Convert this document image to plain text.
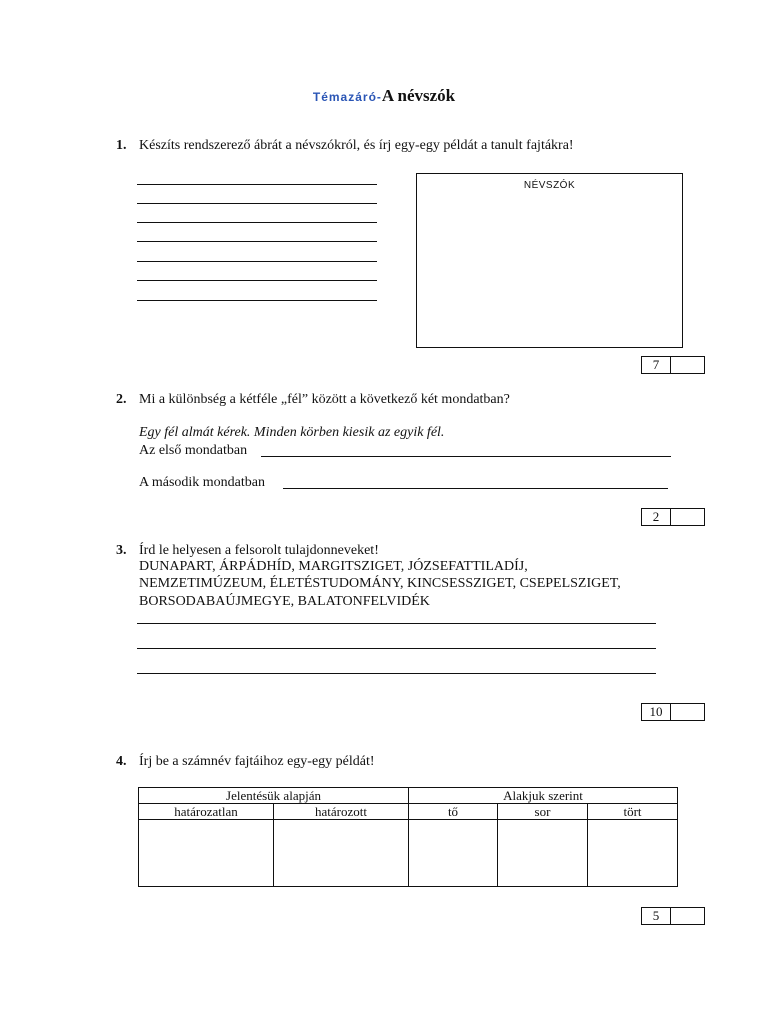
Témazáró-A névszók
1. Készíts rendszerező ábrát a névszókról, és írj egy-egy példát a tanult fajtákra!
NÉVSZÓK
7
2. Mi a különbség a kétféle „fél” között a következő két mondatban?
Egy fél almát kérek. Minden körben kiesik az egyik fél.
Az első mondatban
A második mondatban
2
3. Írd le helyesen a felsorolt tulajdonneveket!
DUNAPART, ÁRPÁDHÍD, MARGITSZIGET, JÓZSEFATTILADÍJ,
NEMZETIMÚZEUM, ÉLETÉSTUDOMÁNY, KINCSESSZIGET, CSEPELSZIGET,
BORSODABAÚJMEGYE, BALATONFELVIDÉK
10
4. Írj be a számnév fajtáihoz egy-egy példát!
Jelentésük alapján		Alakjuk szerint		
határozatlan	határozott	tő	sor	tört

5
